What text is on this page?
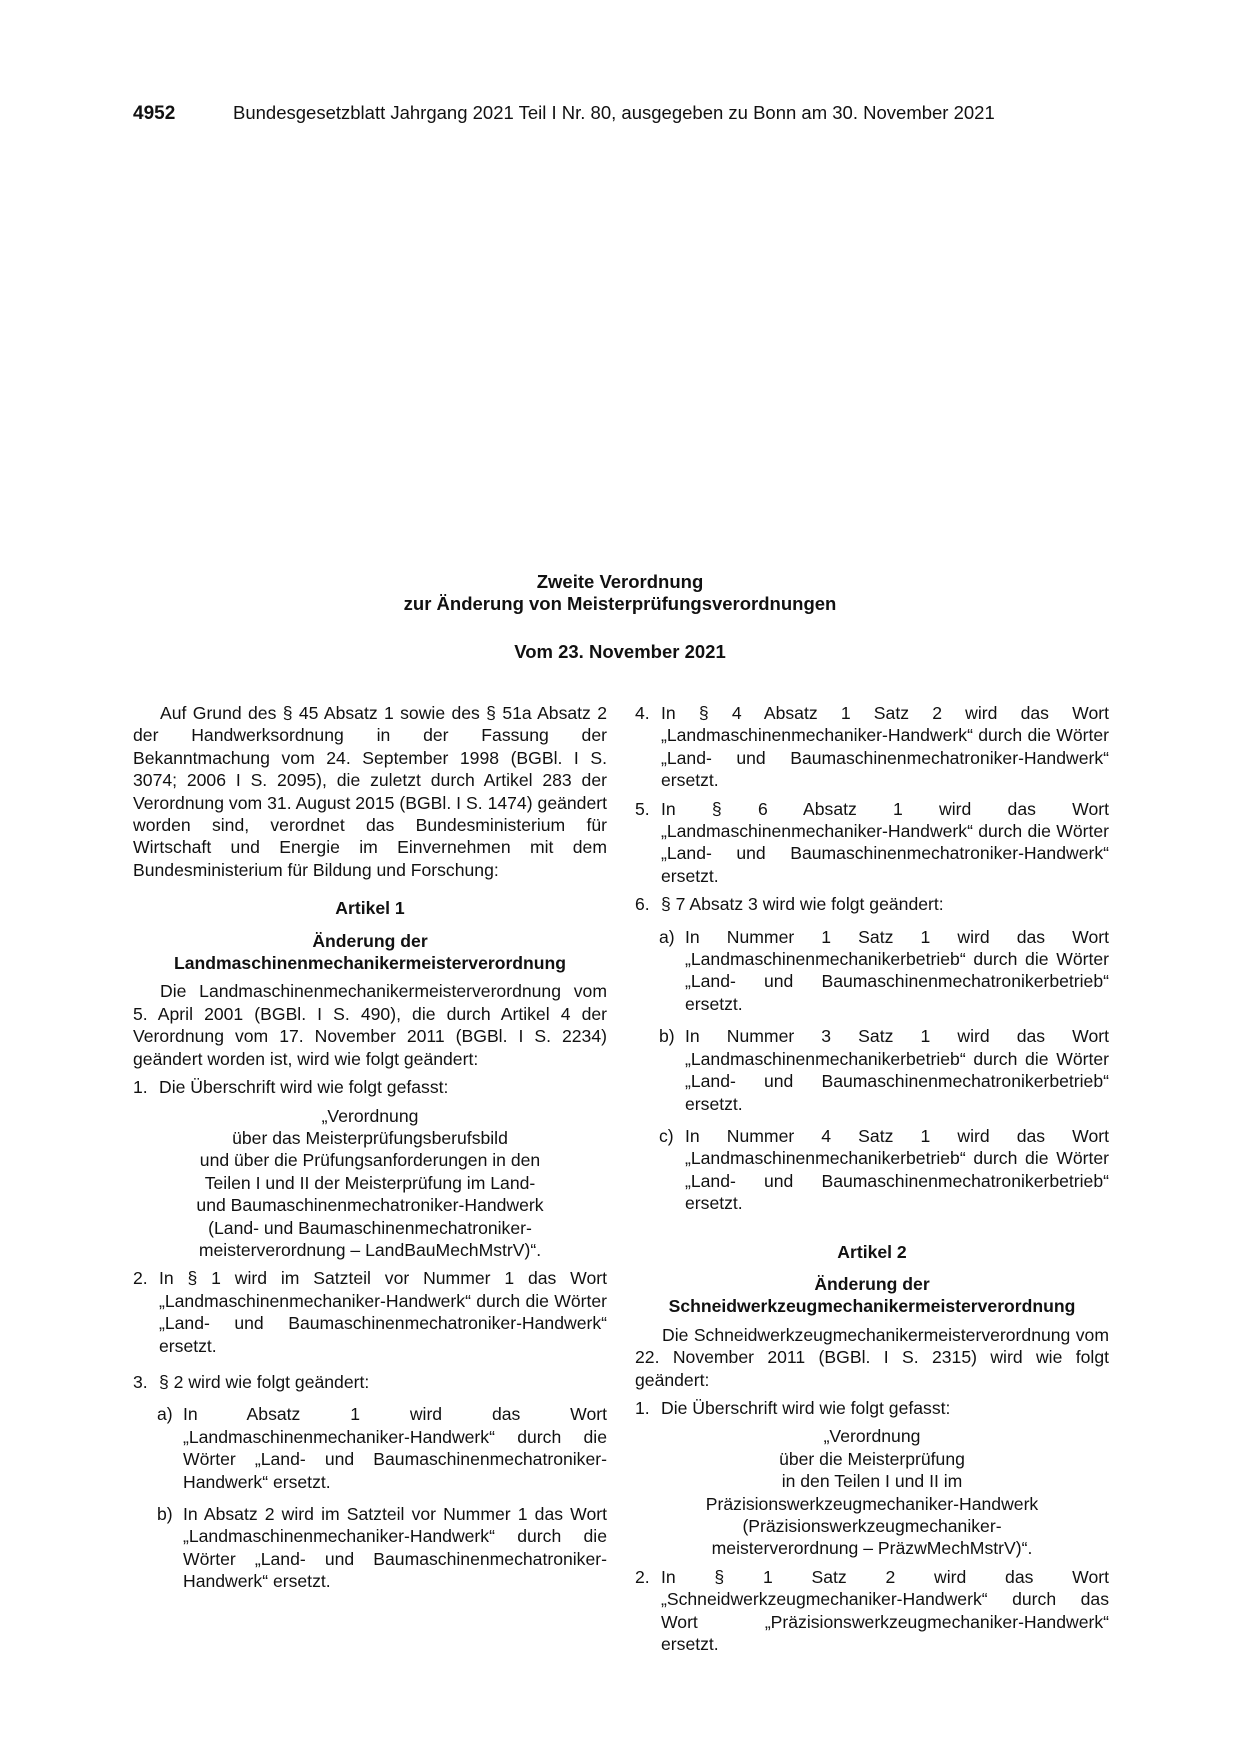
4952	Bundesgesetzblatt Jahrgang 2021 Teil I Nr. 80, ausgegeben zu Bonn am 30. November 2021
Zweite Verordnung
zur Änderung von Meisterprüfungsverordnungen
Vom 23. November 2021

Auf Grund des § 45 Absatz 1 sowie des § 51a Absatz 2 der Handwerksordnung in der Fassung der Bekanntmachung vom 24. September 1998 (BGBl. I S. 3074; 2006 I S. 2095), die zuletzt durch Artikel 283 der Verordnung vom 31. August 2015 (BGBl. I S. 1474) geändert worden sind, verordnet das Bundesministerium für Wirtschaft und Energie im Einvernehmen mit dem Bundesministerium für Bildung und Forschung:

Artikel 1
Änderung der
Landmaschinenmechanikermeisterverordnung

Die Landmaschinenmechanikermeisterverordnung vom 5. April 2001 (BGBl. I S. 490), die durch Artikel 4 der Verordnung vom 17. November 2011 (BGBl. I S. 2234) geändert worden ist, wird wie folgt geändert:

1. Die Überschrift wird wie folgt gefasst:
„Verordnung
über das Meisterprüfungsberufsbild
und über die Prüfungsanforderungen in den
Teilen I und II der Meisterprüfung im Land-
und Baumaschinenmechatroniker-Handwerk
(Land- und Baumaschinenmechatroniker-
meisterverordnung – LandBauMechMstrV)“.
2. In § 1 wird im Satzteil vor Nummer 1 das Wort „Landmaschinenmechaniker-Handwerk“ durch die Wörter „Land- und Baumaschinenmechatroniker-Handwerk“ ersetzt.
3. § 2 wird wie folgt geändert:
a) In Absatz 1 wird das Wort „Landmaschinenmechaniker-Handwerk“ durch die Wörter „Land- und Baumaschinenmechatroniker-Handwerk“ ersetzt.
b) In Absatz 2 wird im Satzteil vor Nummer 1 das Wort „Landmaschinenmechaniker-Handwerk“ durch die Wörter „Land- und Baumaschinenmechatroniker-Handwerk“ ersetzt.
4. In § 4 Absatz 1 Satz 2 wird das Wort „Landmaschinenmechaniker-Handwerk“ durch die Wörter „Land- und Baumaschinenmechatroniker-Handwerk“ ersetzt.
5. In § 6 Absatz 1 wird das Wort „Landmaschinenmechaniker-Handwerk“ durch die Wörter „Land- und Baumaschinenmechatroniker-Handwerk“ ersetzt.
6. § 7 Absatz 3 wird wie folgt geändert:
a) In Nummer 1 Satz 1 wird das Wort „Landmaschinenmechanikerbetrieb“ durch die Wörter „Land- und Baumaschinenmechatronikerbetrieb“ ersetzt.
b) In Nummer 3 Satz 1 wird das Wort „Landmaschinenmechanikerbetrieb“ durch die Wörter „Land- und Baumaschinenmechatronikerbetrieb“ ersetzt.
c) In Nummer 4 Satz 1 wird das Wort „Landmaschinenmechanikerbetrieb“ durch die Wörter „Land- und Baumaschinenmechatronikerbetrieb“ ersetzt.
Artikel 2
Änderung der
Schneidwerkzeugmechanikermeisterverordnung

Die Schneidwerkzeugmechanikermeisterverordnung vom 22. November 2011 (BGBl. I S. 2315) wird wie folgt geändert:

1. Die Überschrift wird wie folgt gefasst:
„Verordnung
über die Meisterprüfung
in den Teilen I und II im
Präzisionswerkzeugmechaniker-Handwerk
(Präzisionswerkzeugmechaniker-
meisterverordnung – PräzwMechMstrV)“.
2. In § 1 Satz 2 wird das Wort „Schneidwerkzeugmechaniker-Handwerk“ durch das Wort „Präzisionswerkzeugmechaniker-Handwerk“ ersetzt.
